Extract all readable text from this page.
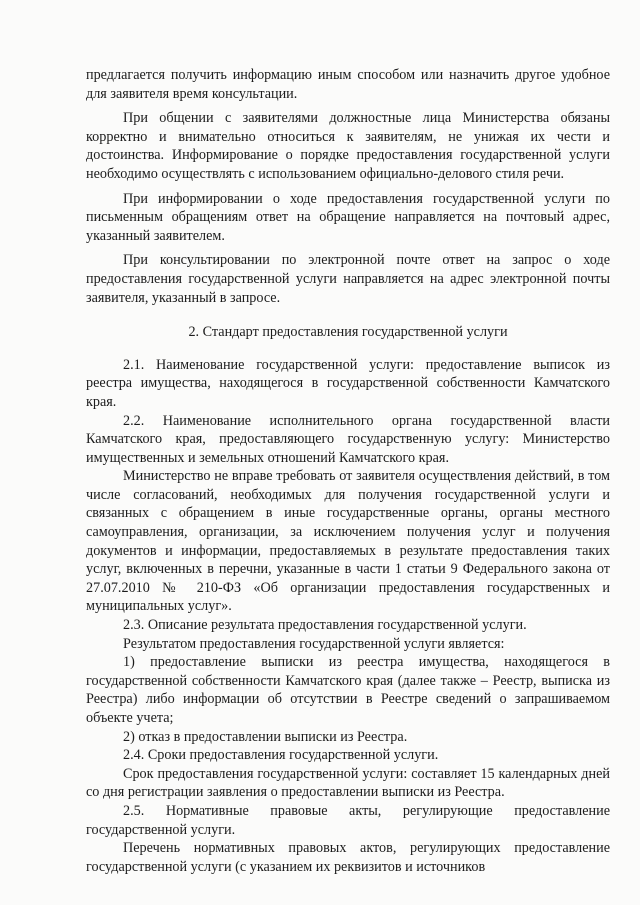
предлагается получить информацию иным способом или назначить другое удобное для заявителя время консультации.

При общении с заявителями должностные лица Министерства обязаны корректно и внимательно относиться к заявителям, не унижая их чести и достоинства. Информирование о порядке предоставления государственной услуги необходимо осуществлять с использованием официально-делового стиля речи.

При информировании о ходе предоставления государственной услуги по письменным обращениям ответ на обращение направляется на почтовый адрес, указанный заявителем.

При консультировании по электронной почте ответ на запрос о ходе предоставления государственной услуги направляется на адрес электронной почты заявителя, указанный в запросе.

2. Стандарт предоставления государственной услуги

2.1. Наименование государственной услуги: предоставление выписок из реестра имущества, находящегося в государственной собственности Камчатского края.

2.2. Наименование исполнительного органа государственной власти Камчатского края, предоставляющего государственную услугу: Министерство имущественных и земельных отношений Камчатского края.

Министерство не вправе требовать от заявителя осуществления действий, в том числе согласований, необходимых для получения государственной услуги и связанных с обращением в иные государственные органы, органы местного самоуправления, организации, за исключением получения услуг и получения документов и информации, предоставляемых в результате предоставления таких услуг, включенных в перечни, указанные в части 1 статьи 9 Федерального закона от 27.07.2010 № 210-ФЗ «Об организации предоставления государственных и муниципальных услуг».

2.3. Описание результата предоставления государственной услуги.

Результатом предоставления государственной услуги является:

1) предоставление выписки из реестра имущества, находящегося в государственной собственности Камчатского края (далее также – Реестр, выписка из Реестра) либо информации об отсутствии в Реестре сведений о запрашиваемом объекте учета;

2) отказ в предоставлении выписки из Реестра.

2.4. Сроки предоставления государственной услуги.

Срок предоставления государственной услуги: составляет 15 календарных дней со дня регистрации заявления о предоставлении выписки из Реестра.

2.5. Нормативные правовые акты, регулирующие предоставление государственной услуги.

Перечень нормативных правовых актов, регулирующих предоставление государственной услуги (с указанием их реквизитов и источников
